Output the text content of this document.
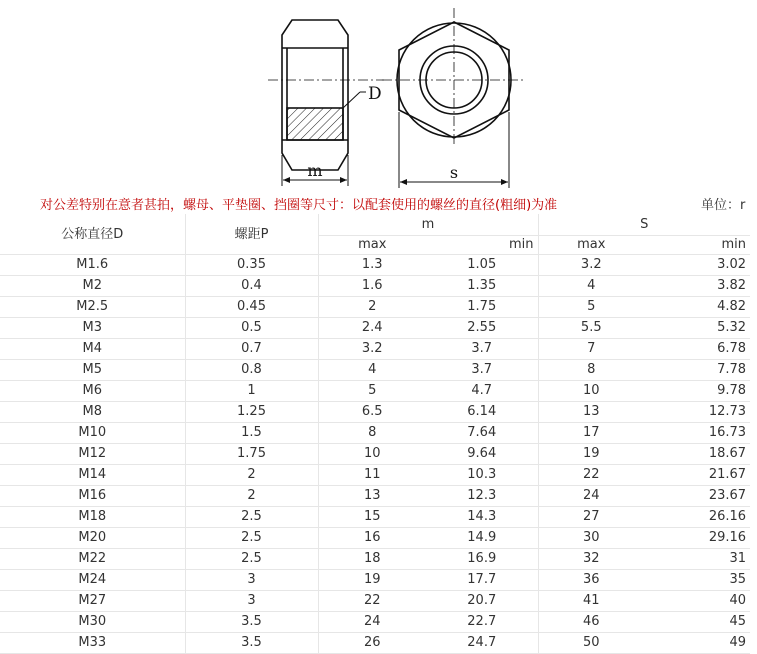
m	s
D
对公差特别在意者甚拍，螺母、平垫圈、挡圈等尺寸：以配套使用的螺丝的直径(粗细)为准	单位：r
公称直径D	螺距P	m		S	
		max	min	max	min
M1.6	0.35	1.3	1.05	3.2	3.02
M2	0.4	1.6	1.35	4	3.82
M2.5	0.45	2	1.75	5	4.82
M3	0.5	2.4	2.55	5.5	5.32
M4	0.7	3.2	3.7	7	6.78
M5	0.8	4	3.7	8	7.78
M6	1	5	4.7	10	9.78
M8	1.25	6.5	6.14	13	12.73
M10	1.5	8	7.64	17	16.73
M12	1.75	10	9.64	19	18.67
M14	2	11	10.3	22	21.67
M16	2	13	12.3	24	23.67
M18	2.5	15	14.3	27	26.16
M20	2.5	16	14.9	30	29.16
M22	2.5	18	16.9	32	31
M24	3	19	17.7	36	35
M27	3	22	20.7	41	40
M30	3.5	24	22.7	46	45
M33	3.5	26	24.7	50	49
